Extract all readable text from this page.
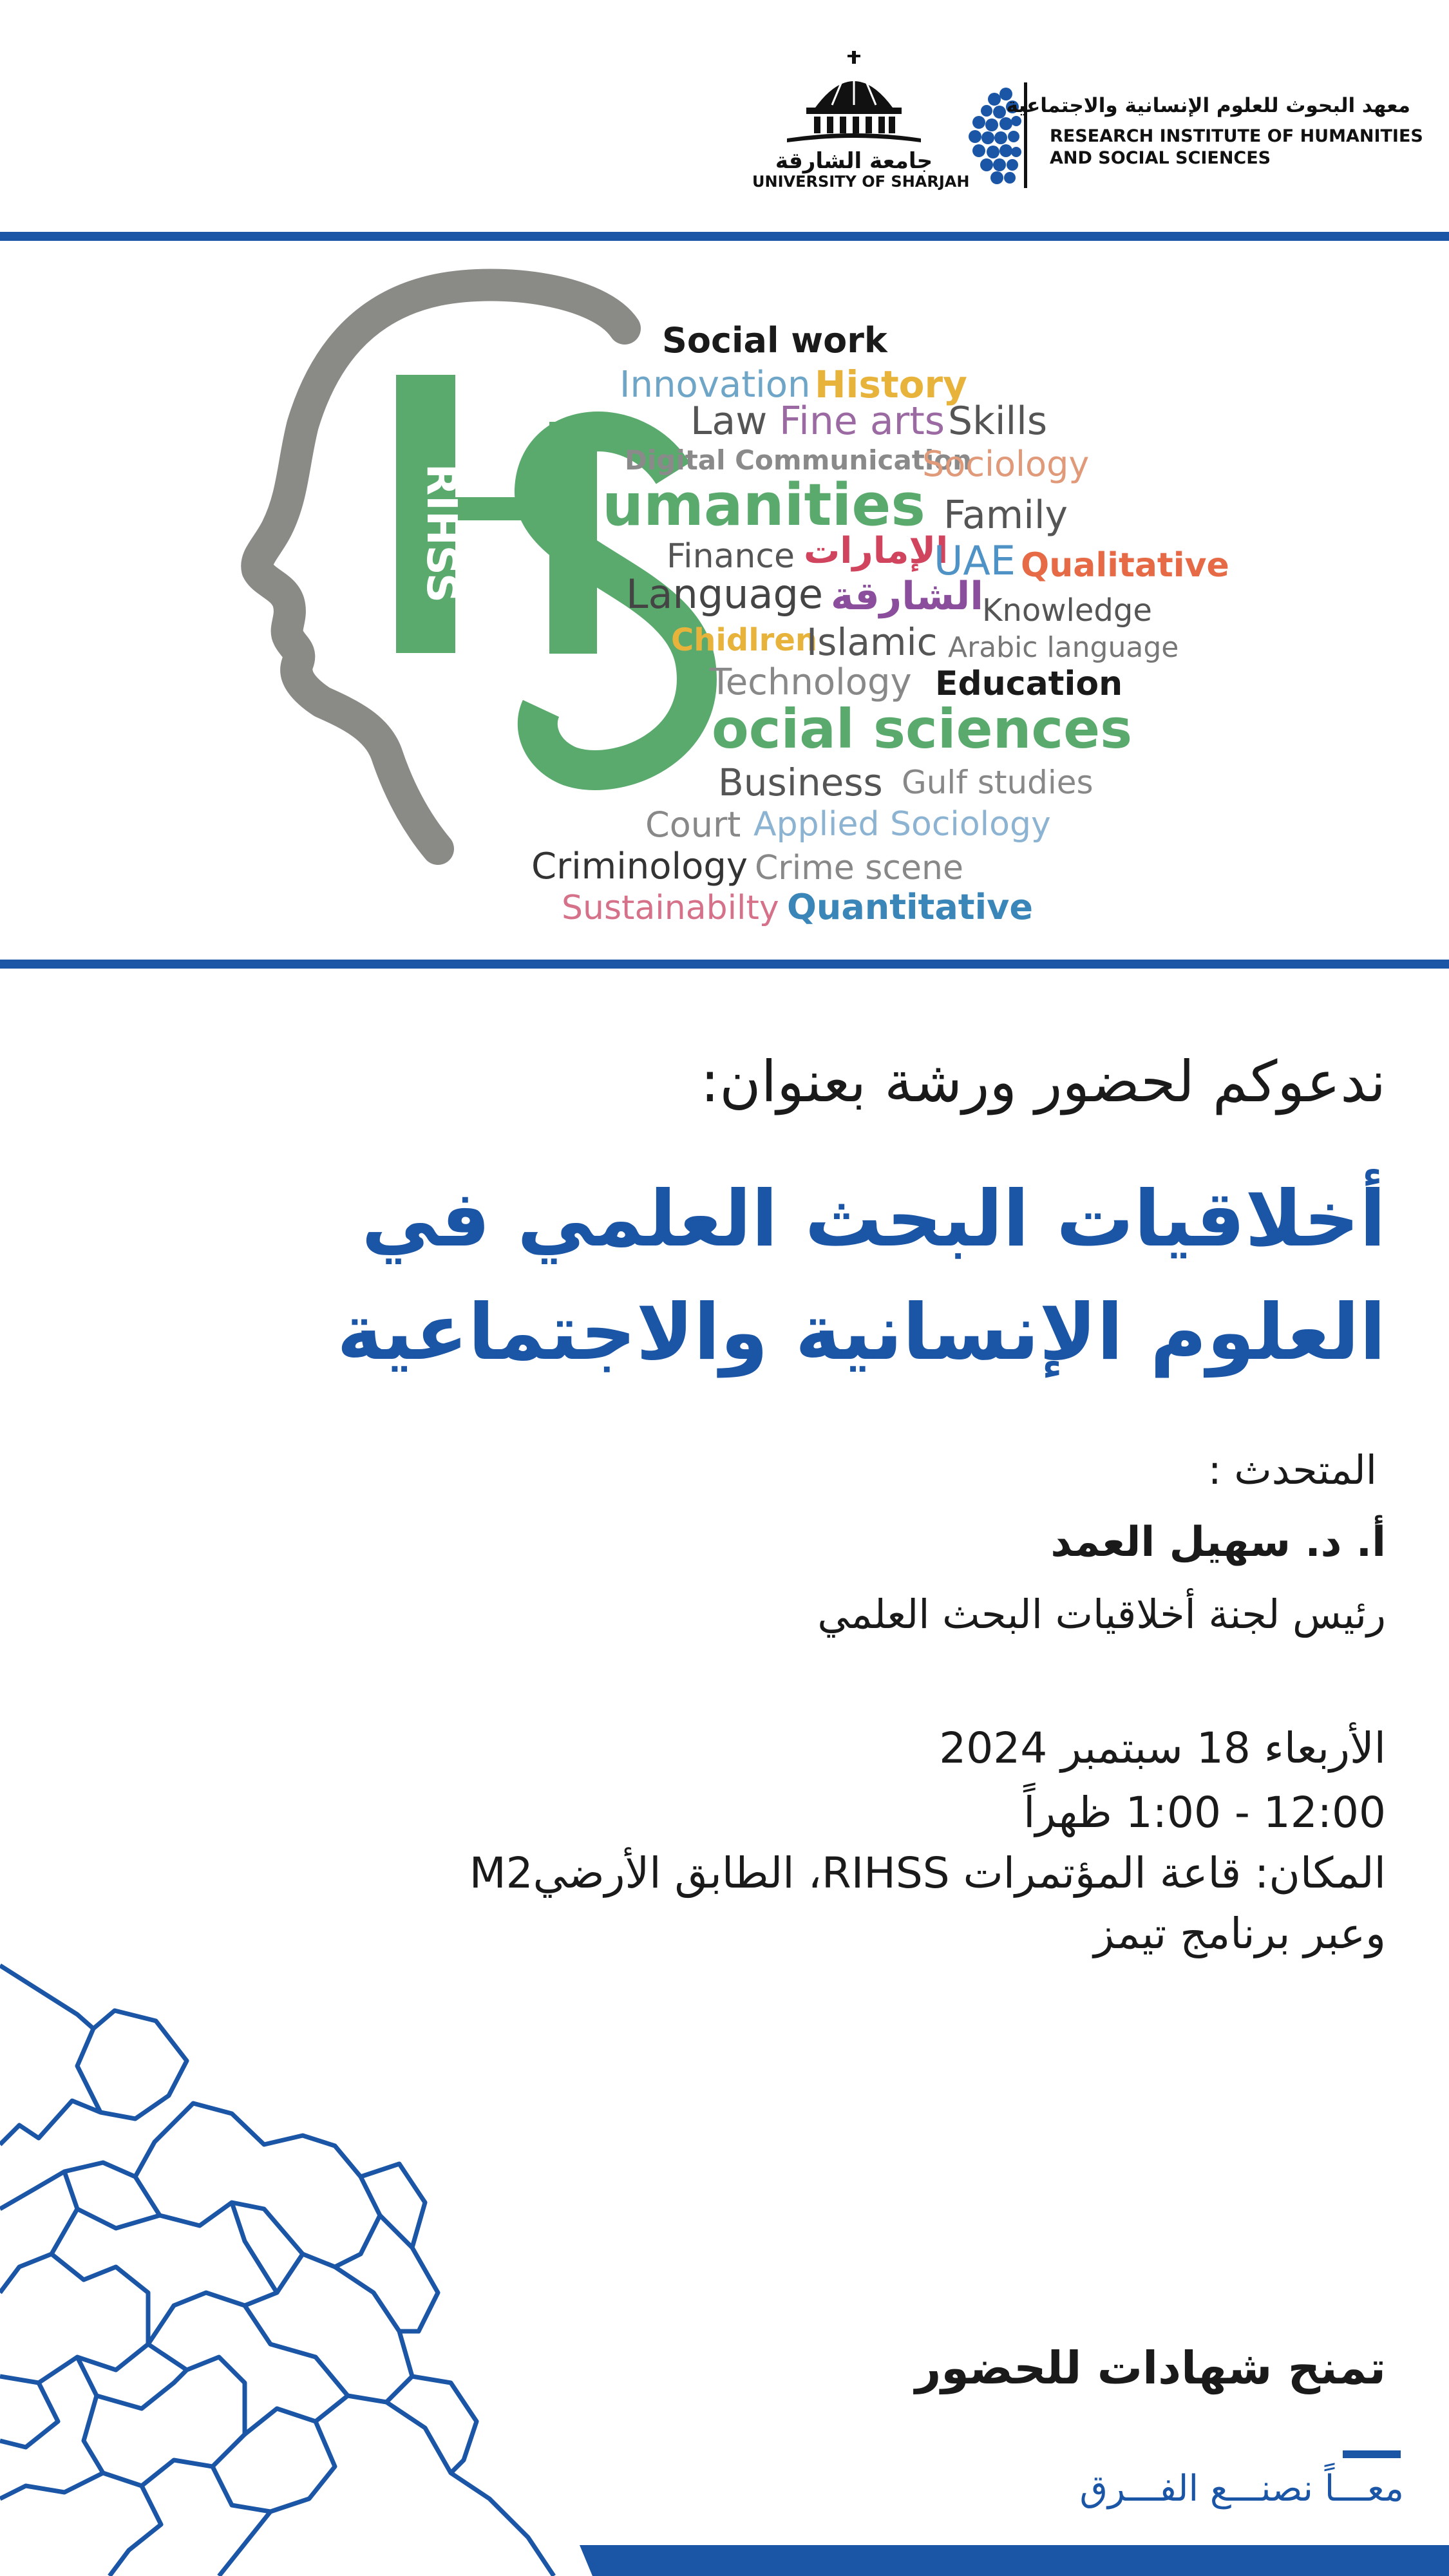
معهد البحوث للعلوم الإنسانية والاجتماعية
RESEARCH INSTITUTE OF HUMANITIES
AND SOCIAL SCIENCES
جامعة الشارقة
UNIVERSITY OF SHARJAH
RIHSS
Social work
Innovation History
Law Fine arts Skills
Digital Communication
Sociology
umanities Family
Finance الإمارات
UAE Qualitative
Language الشارقة
Knowledge
Chidlren
Islamic Arabic language
Technology Education
ocial sciences
Business Gulf studies
Court Applied Sociology
Criminology Crime scene
Sustainabilty Quantitative
ندعوكم لحضور ورشة بعنوان:
أخلاقيات البحث العلمي في
العلوم الإنسانية والاجتماعية
المتحدث :
أ. د. سهيل العمد
رئيس لجنة أخلاقيات البحث العلمي
الأربعاء 18 سبتمبر 2024
12:00 - 1:00 ظهراً
المكان: قاعة المؤتمرات RIHSS، الطابق الأرضيM2
وعبر برنامج تيمز
تمنح شهادات للحضور
معـــاً نصنـــع الفـــرق
